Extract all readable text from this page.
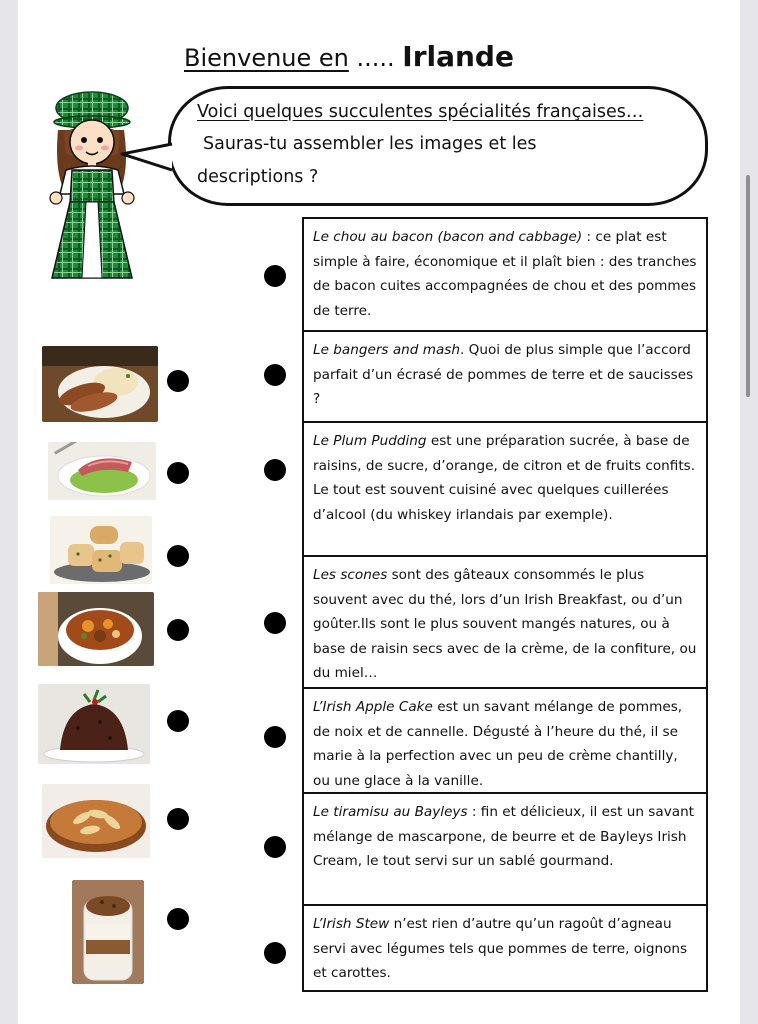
Bienvenue en ..... Irlande
Voici quelques succulentes spécialités françaises…
Sauras-tu assembler les images et les
descriptions ?
Le chou au bacon (bacon and cabbage) : ce plat est simple à faire, économique et il plaît bien : des tranches de bacon cuites accompagnées de chou et des pommes de terre.
Le bangers and mash. Quoi de plus simple que l’accord parfait d’un écrasé de pommes de terre et de saucisses ?
Le Plum Pudding est une préparation sucrée, à base de raisins, de sucre, d’orange, de citron et de fruits confits. Le tout est souvent cuisiné avec quelques cuillerées d’alcool (du whiskey irlandais par exemple).
Les scones sont des gâteaux consommés le plus souvent avec du thé, lors d’un Irish Breakfast, ou d’un goûter.Ils sont le plus souvent mangés natures, ou à base de raisin secs avec de la crème, de la confiture, ou du miel…
L’Irish Apple Cake est un savant mélange de pommes, de noix et de cannelle. Dégusté à l’heure du thé, il se marie à la perfection avec un peu de crème chantilly, ou une glace à la vanille.
Le tiramisu au Bayleys : fin et délicieux, il est un savant mélange de mascarpone, de beurre et de Bayleys Irish Cream, le tout servi sur un sablé gourmand.
L’Irish Stew n’est rien d’autre qu’un ragoût d’agneau servi avec légumes tels que pommes de terre, oignons et carottes.
